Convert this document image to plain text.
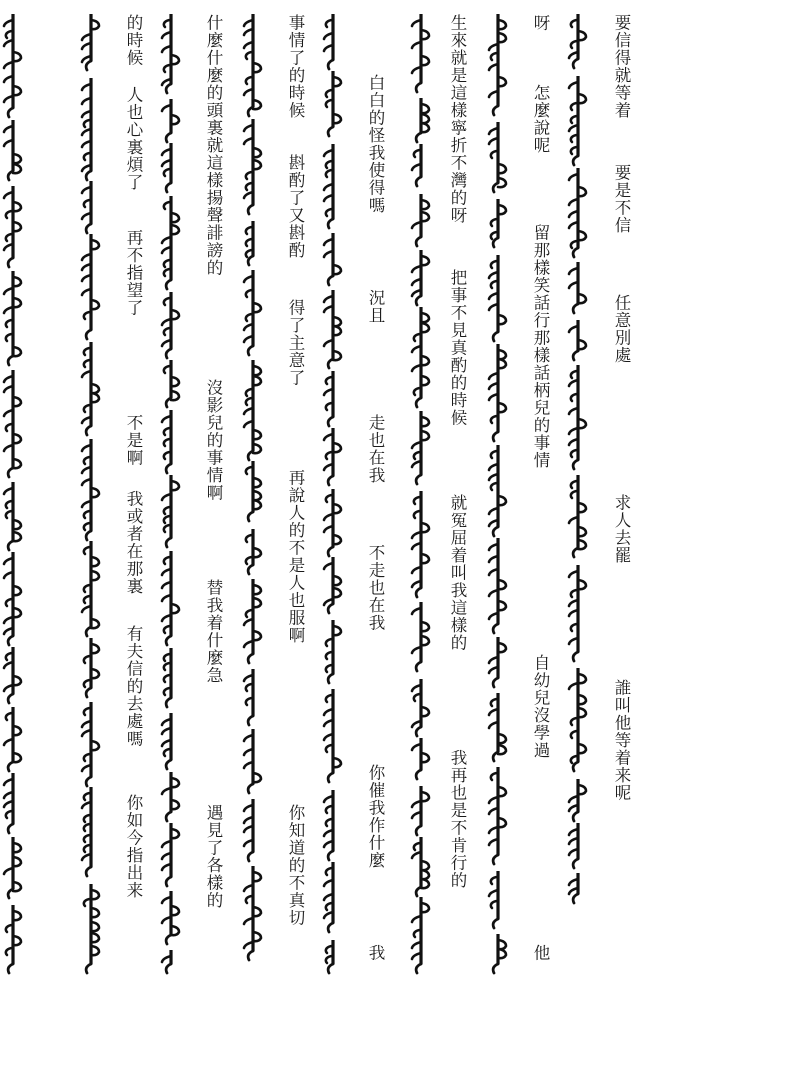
要信得就等着
要是不信
任意別處
求人去罷
誰叫他等着来呢
呀
怎麼說呢
留那樣笑話行那樣話柄兒的事情
自幼兒沒學過
他
生來就是這樣寧折不灣的呀
把事不見真酌的時候
就冤屈着叫我這樣的
我再也是不肯行的
白白的怪我使得嗎
況且
走也在我
不走也在我
你催我作什麼
我
事情了的時候
斟酌了又斟酌
得了主意了
再說人的不是人也服啊
你知道的不真切
什麼什麼的頭裏就這樣揚聲誹謗的
沒影兒的事情啊
替我着什麼急
遇見了各樣的
的時候
人也心裏煩了
再不指望了
不是啊
我或者在那裏
有夫信的去處嗎
你如今指出来
